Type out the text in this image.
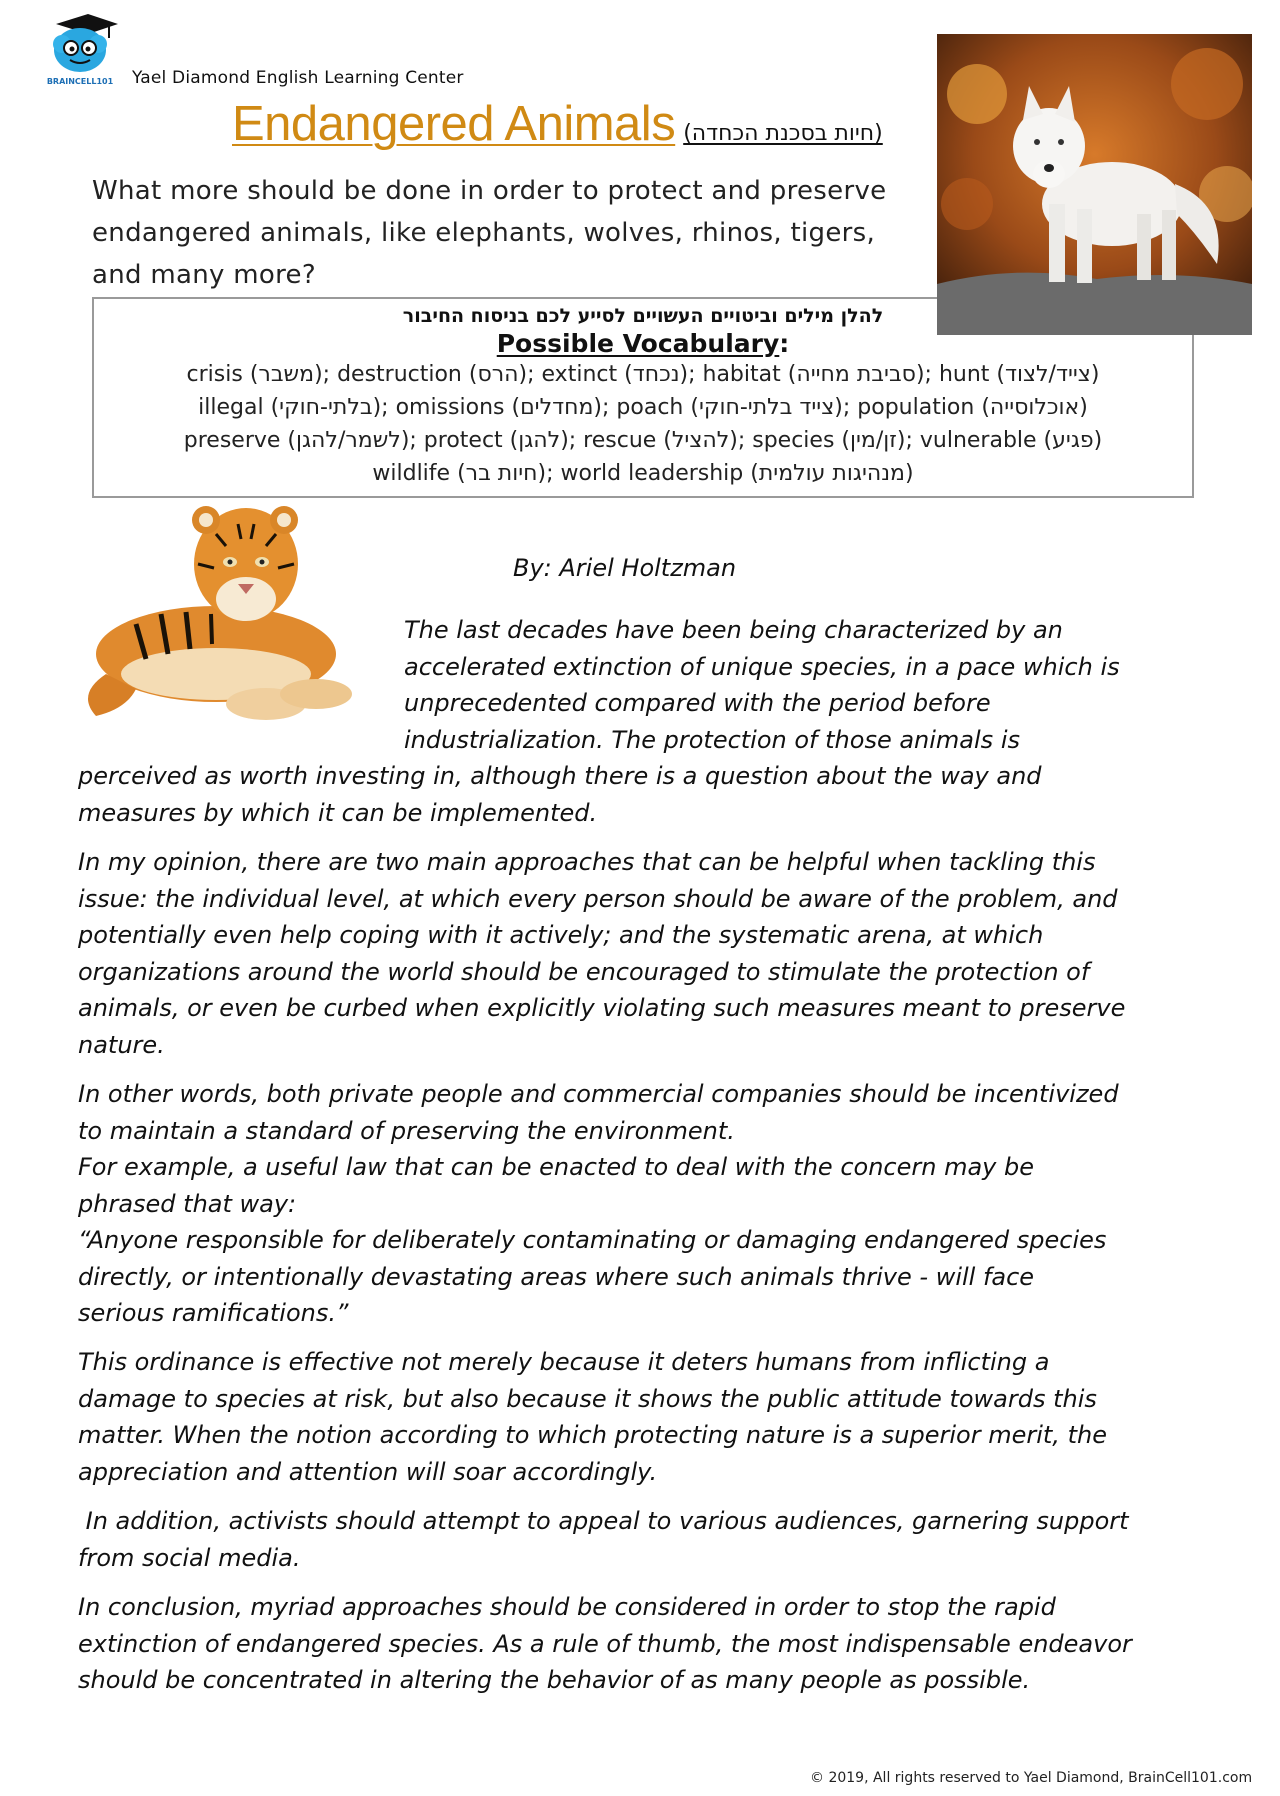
BRAINCELL101 Yael Diamond English Learning Center
Endangered Animals (חיות בסכנת הכחדה)
What more should be done in order to protect and preserve
endangered animals, like elephants, wolves, rhinos, tigers,
and many more?
להלן מילים וביטויים העשויים לסייע לכם בניסוח החיבור
Possible Vocabulary:
crisis (משבר); destruction (הרס); extinct (נכחד); habitat (סביבת מחייה); hunt (צייד/לצוד)
illegal (בלתי-חוקי); omissions (מחדלים); poach (צייד בלתי-חוקי); population (אוכלוסייה)
preserve (לשמר/להגן); protect (להגן); rescue (להציל); species (זן/מין); vulnerable (פגיע)
wildlife (חיות בר); world leadership (מנהיגות עולמית)
By: Ariel Holtzman
The last decades have been being characterized by an
accelerated extinction of unique species, in a pace which is
unprecedented compared with the period before
industrialization. The protection of those animals is
perceived as worth investing in, although there is a question about the way and
measures by which it can be implemented.
In my opinion, there are two main approaches that can be helpful when tackling this
issue: the individual level, at which every person should be aware of the problem, and
potentially even help coping with it actively; and the systematic arena, at which
organizations around the world should be encouraged to stimulate the protection of
animals, or even be curbed when explicitly violating such measures meant to preserve
nature.
In other words, both private people and commercial companies should be incentivized
to maintain a standard of preserving the environment.
For example, a useful law that can be enacted to deal with the concern may be
phrased that way:
“Anyone responsible for deliberately contaminating or damaging endangered species
directly, or intentionally devastating areas where such animals thrive - will face
serious ramifications.”
This ordinance is effective not merely because it deters humans from inflicting a
damage to species at risk, but also because it shows the public attitude towards this
matter. When the notion according to which protecting nature is a superior merit, the
appreciation and attention will soar accordingly.
In addition, activists should attempt to appeal to various audiences, garnering support
from social media.
In conclusion, myriad approaches should be considered in order to stop the rapid
extinction of endangered species. As a rule of thumb, the most indispensable endeavor
should be concentrated in altering the behavior of as many people as possible.
© 2019, All rights reserved to Yael Diamond, BrainCell101.com
